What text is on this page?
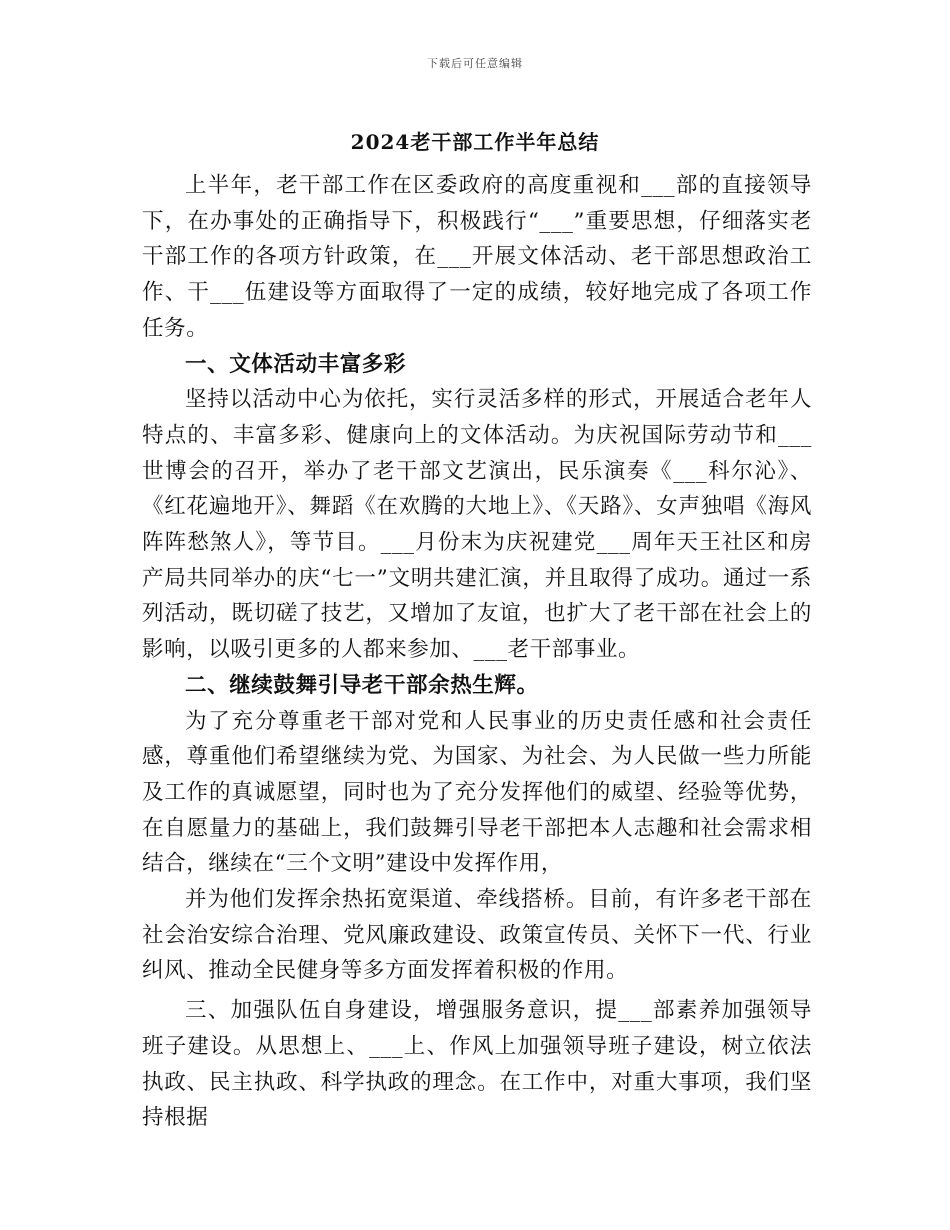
下载后可任意编辑
2024老干部工作半年总结

上半年，老干部工作在区委政府的高度重视和___部的直接领导下，在办事处的正确指导下，积极践行“___”重要思想，仔细落实老干部工作的各项方针政策，在___开展文体活动、老干部思想政治工作、干___伍建设等方面取得了一定的成绩，较好地完成了各项工作任务。

一、文体活动丰富多彩

坚持以活动中心为依托，实行灵活多样的形式，开展适合老年人特点的、丰富多彩、健康向上的文体活动。为庆祝国际劳动节和___世博会的召开，举办了老干部文艺演出，民乐演奏《___科尔沁》、《红花遍地开》、舞蹈《在欢腾的大地上》、《天路》、女声独唱《海风阵阵愁煞人》，等节目。___月份末为庆祝建党___周年天王社区和房产局共同举办的庆“七一”文明共建汇演，并且取得了成功。通过一系列活动，既切磋了技艺，又增加了友谊，也扩大了老干部在社会上的影响，以吸引更多的人都来参加、___老干部事业。

二、继续鼓舞引导老干部余热生辉。

为了充分尊重老干部对党和人民事业的历史责任感和社会责任感，尊重他们希望继续为党、为国家、为社会、为人民做一些力所能及工作的真诚愿望，同时也为了充分发挥他们的威望、经验等优势，在自愿量力的基础上，我们鼓舞引导老干部把本人志趣和社会需求相结合，继续在“三个文明”建设中发挥作用，

并为他们发挥余热拓宽渠道、牵线搭桥。目前，有许多老干部在社会治安综合治理、党风廉政建设、政策宣传员、关怀下一代、行业纠风、推动全民健身等多方面发挥着积极的作用。

三、加强队伍自身建设，增强服务意识，提___部素养加强领导班子建设。从思想上、___上、作风上加强领导班子建设，树立依法执政、民主执政、科学执政的理念。在工作中，对重大事项，我们坚持根据
